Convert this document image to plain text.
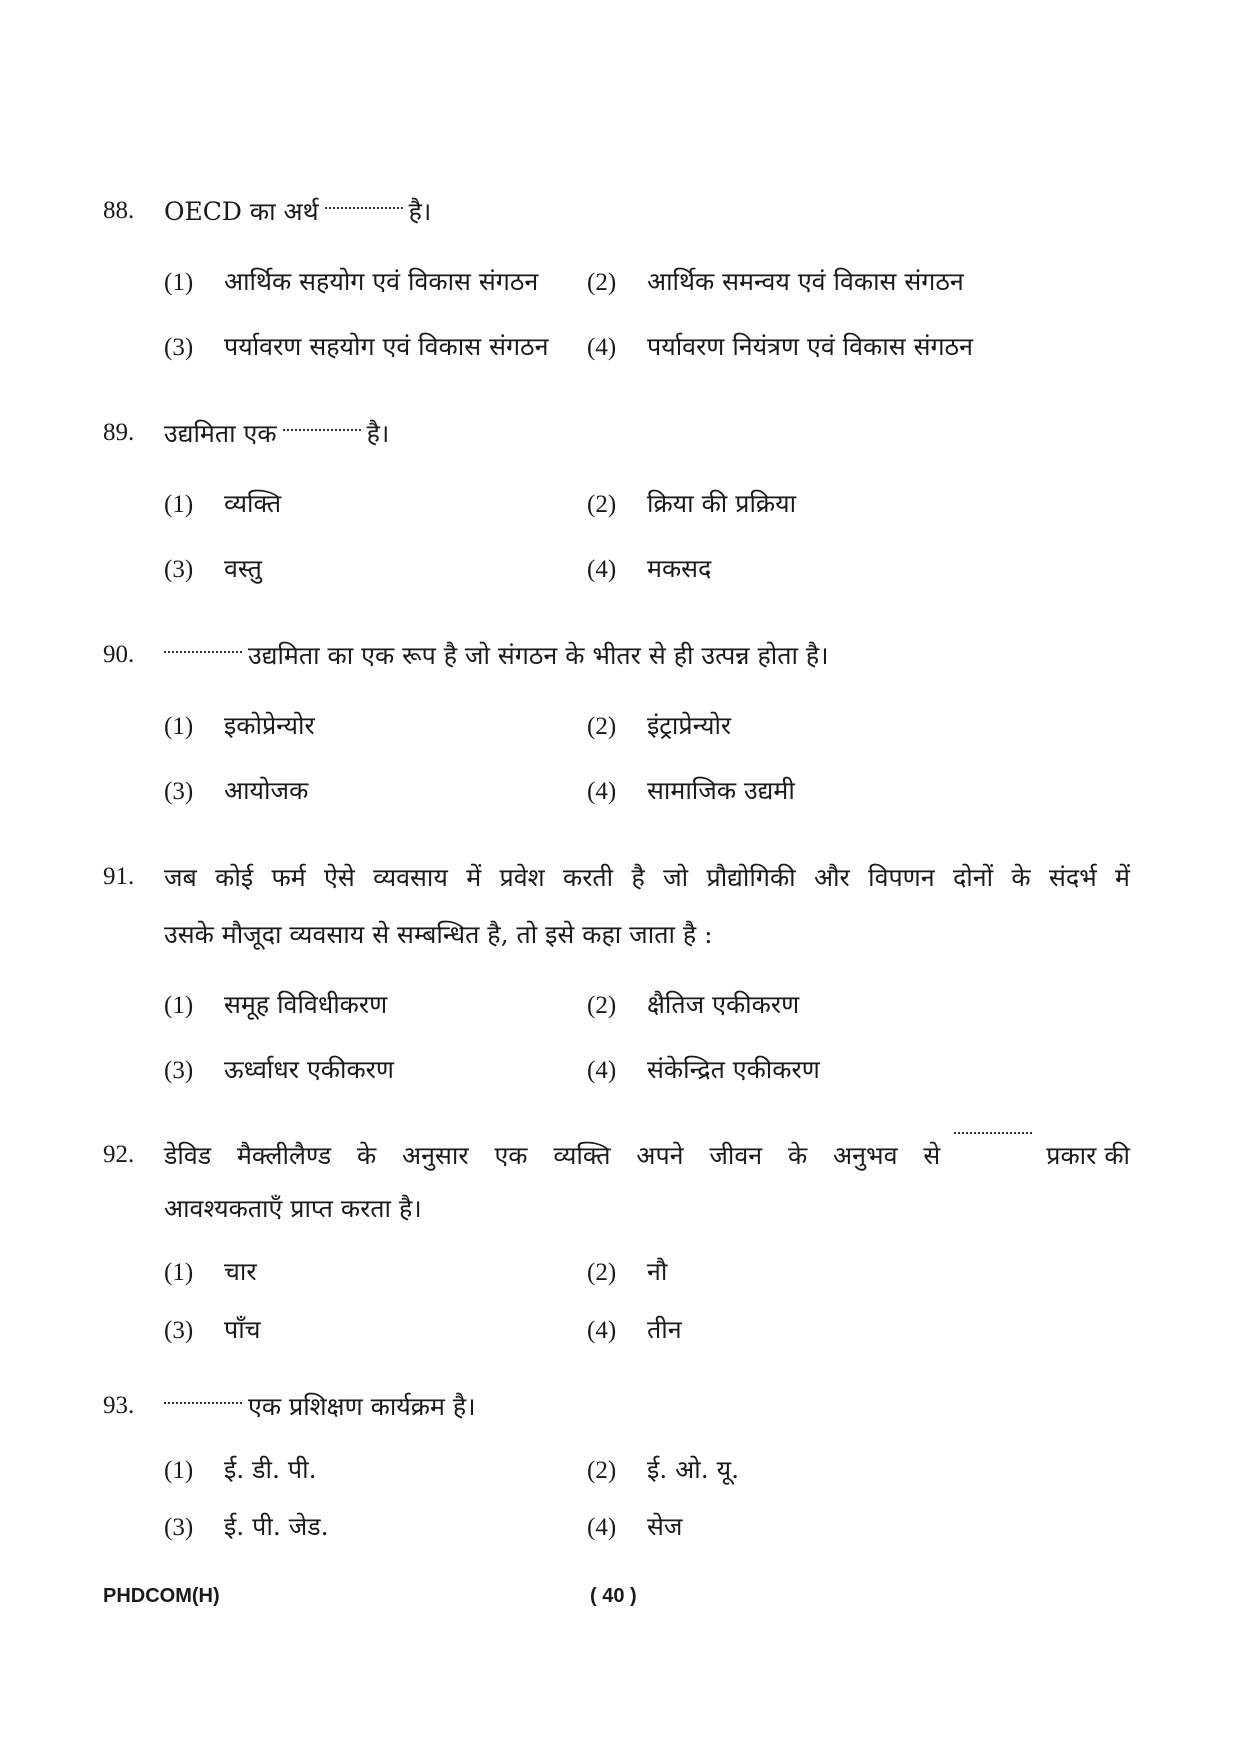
88. OECD का अर्थ	है।
(1) आर्थिक सहयोग एवं विकास संगठन (2) आर्थिक समन्वय एवं विकास संगठन
(3) पर्यावरण सहयोग एवं विकास संगठन (4) पर्यावरण नियंत्रण एवं विकास संगठन
89. उद्यमिता एक	है।
(1) व्यक्ति	(2) क्रिया की प्रक्रिया
(3) वस्तु	(4) मकसद
90.	उद्यमिता का एक रूप है जो संगठन के भीतर से ही उत्पन्न होता है।
(1) इकोप्रेन्योर	(2) इंट्राप्रेन्योर
(3) आयोजक	(4) सामाजिक उद्यमी
91. जब कोई फर्म ऐसे व्यवसाय में प्रवेश करती है जो प्रौद्योगिकी और विपणन दोनों के संदर्भ में
उसके मौजूदा व्यवसाय से सम्बन्धित है, तो इसे कहा जाता है :
(1) समूह विविधीकरण	(2) क्षैतिज एकीकरण
(3) ऊर्ध्वाधर एकीकरण	(4) संकेन्द्रित एकीकरण
92. डेविड मैक्लीलैण्ड के अनुसार एक व्यक्ति अपने जीवन के अनुभव से	प्रकार की
आवश्यकताएँ प्राप्त करता है।
(1) चार	(2) नौ
(3) पाँच	(4) तीन
93.	एक प्रशिक्षण कार्यक्रम है।
(1) ई. डी. पी.	(2) ई. ओ. यू.
(3) ई. पी. जेड.	(4) सेज
PHDCOM(H)	( 40 )
